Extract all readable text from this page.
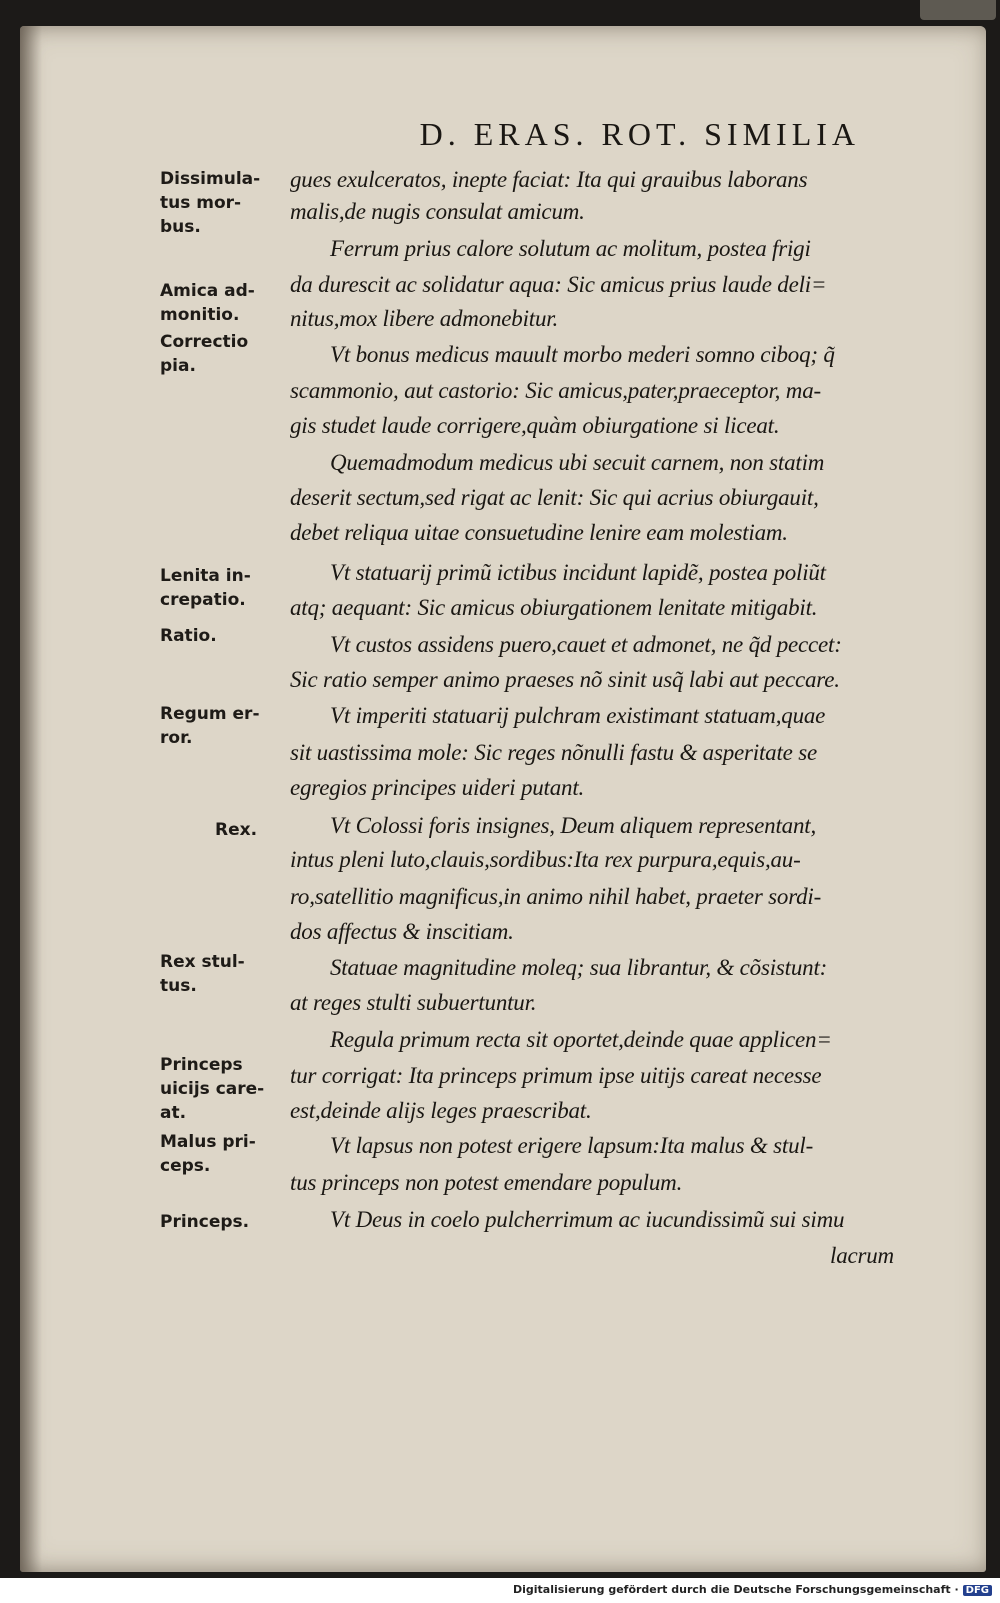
D. ERAS. ROT. SIMILIA
gues exulceratos, inepte faciat: Ita qui grauibus laborans
malis,de nugis consulat amicum.
Ferrum prius calore solutum ac molitum, postea frigi
da durescit ac solidatur aqua: Sic amicus prius laude deli=
nitus,mox libere admonebitur.
Vt bonus medicus mauult morbo mederi somno ciboq; q̃
scammonio, aut castorio: Sic amicus,pater,praeceptor, ma-
gis studet laude corrigere,quàm obiurgatione si liceat.
Quemadmodum medicus ubi secuit carnem, non statim
deserit sectum,sed rigat ac lenit: Sic qui acrius obiurgauit,
debet reliqua uitae consuetudine lenire eam molestiam.
Vt statuarij primũ ictibus incidunt lapidẽ, postea poliũt
atq; aequant: Sic amicus obiurgationem lenitate mitigabit.
Vt custos assidens puero,cauet et admonet, ne q̃d peccet:
Sic ratio semper animo praeses nõ sinit usq̃ labi aut peccare.
Vt imperiti statuarij pulchram existimant statuam,quae
sit uastissima mole: Sic reges nõnulli fastu & asperitate se
egregios principes uideri putant.
Vt Colossi foris insignes, Deum aliquem representant,
intus pleni luto,clauis,sordibus:Ita rex purpura,equis,au-
ro,satellitio magnificus,in animo nihil habet, praeter sordi-
dos affectus & inscitiam.
Statuae magnitudine moleq; sua librantur, & cõsistunt:
at reges stulti subuertuntur.
Regula primum recta sit oportet,deinde quae applicen=
tur corrigat: Ita princeps primum ipse uitijs careat necesse
est,deinde alijs leges praescribat.
Vt lapsus non potest erigere lapsum:Ita malus & stul-
tus princeps non potest emendare populum.
Vt Deus in coelo pulcherrimum ac iucundissimũ sui simu
lacrum
Dissimula-
tus mor-
bus.
Amica ad-
monitio.
Correctio
pia.
Lenita in-
crepatio.
Ratio.
Regum er-
ror.
Rex.
Rex stul-
tus.
Princeps
uicijs care-
at.
Malus pri-
ceps.
Princeps.
Digitalisierung gefördert durch die Deutsche Forschungsgemeinschaft · DFG
